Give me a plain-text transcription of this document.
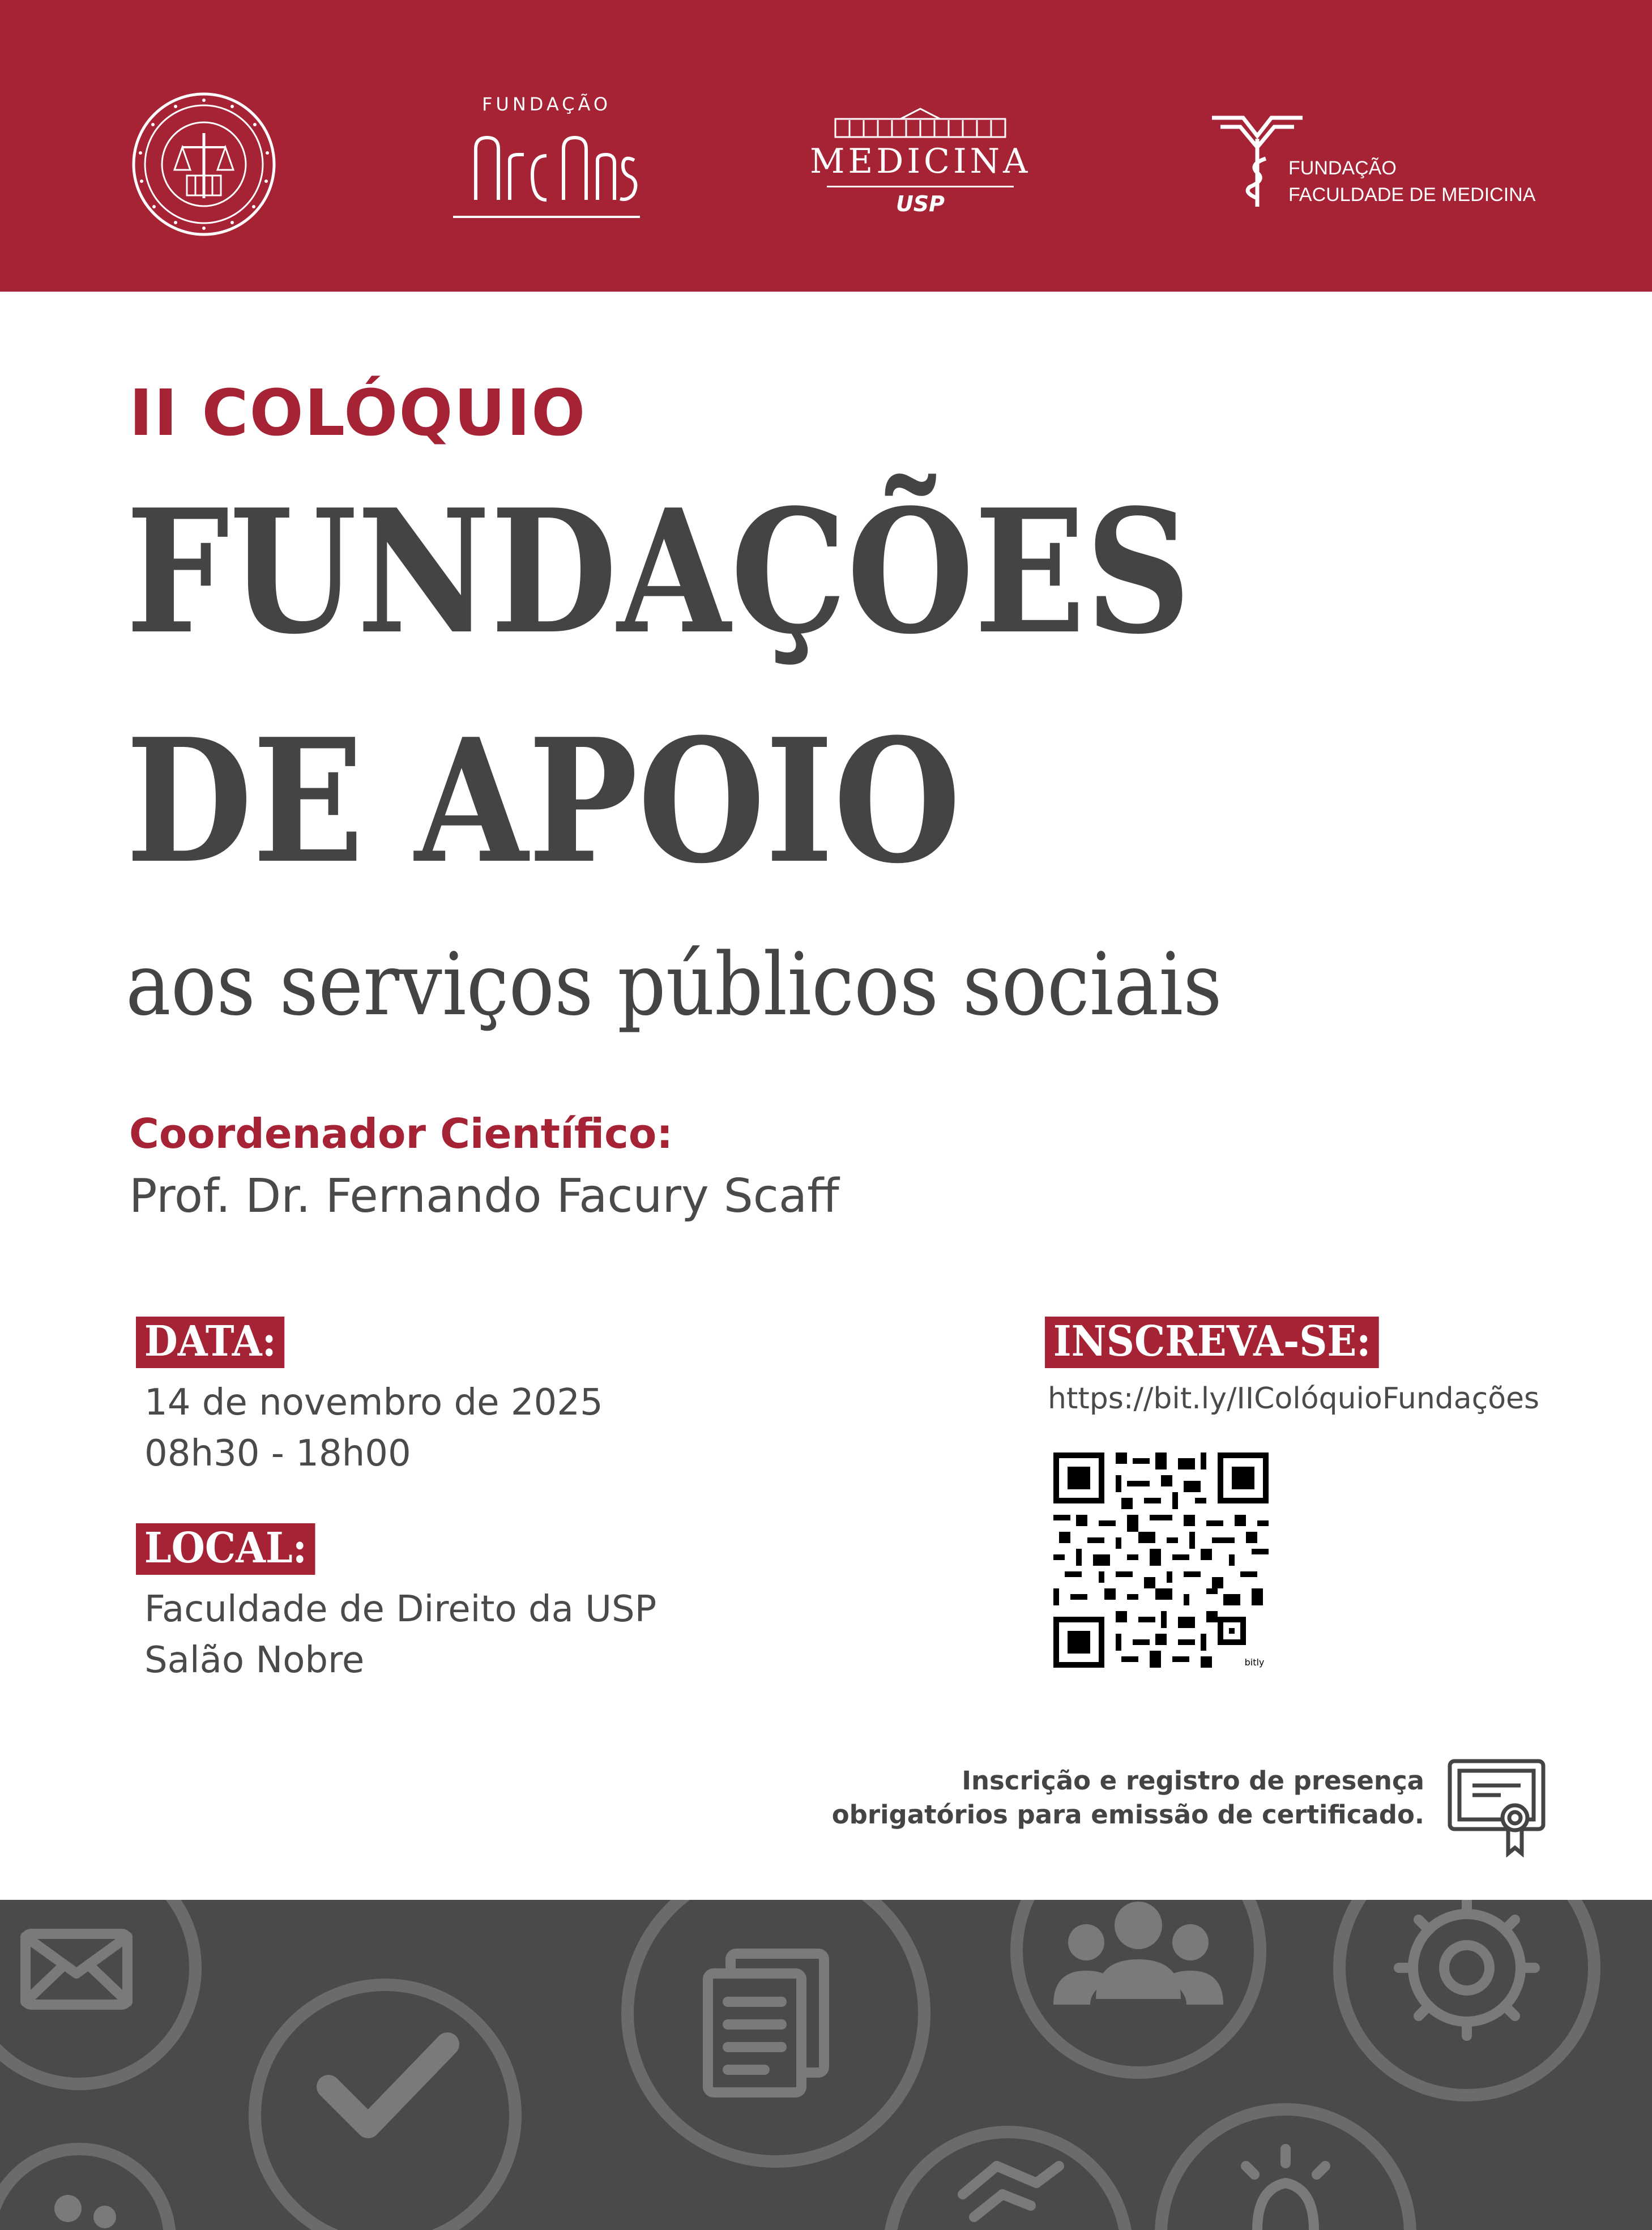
FUNDAÇÃO
MEDICINA
USP
FUNDAÇÃO
FACULDADE DE MEDICINA
II COLÓQUIO
FUNDAÇÕES
DE APOIO
aos serviços públicos sociais
Coordenador Científico:
Prof. Dr. Fernando Facury Scaff
DATA:
14 de novembro de 2025
08h30 - 18h00
LOCAL:
Faculdade de Direito da USP
Salão Nobre
INSCREVA-SE:
https://bit.ly/IIColóquioFundações
bitly
Inscrição e registro de presença
obrigatórios para emissão de certificado.
